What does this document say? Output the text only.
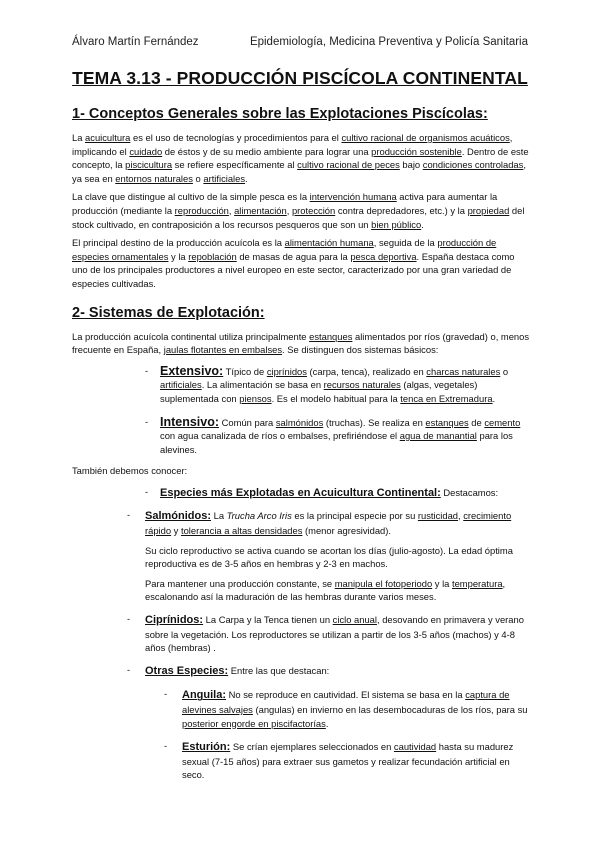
Álvaro Martín Fernández	Epidemiología, Medicina Preventiva y Policía Sanitaria
TEMA 3.13 - PRODUCCIÓN PISCÍCOLA CONTINENTAL
1- Conceptos Generales sobre las Explotaciones Piscícolas:

La acuicultura es el uso de tecnologías y procedimientos para el cultivo racional de organismos acuáticos, implicando el cuidado de éstos y de su medio ambiente para lograr una producción sostenible. Dentro de este concepto, la piscicultura se refiere específicamente al cultivo racional de peces bajo condiciones controladas, ya sea en entornos naturales o artificiales.

La clave que distingue al cultivo de la simple pesca es la intervención humana activa para aumentar la producción (mediante la reproducción, alimentación, protección contra depredadores, etc.) y la propiedad del stock cultivado, en contraposición a los recursos pesqueros que son un bien público.

El principal destino de la producción acuícola es la alimentación humana, seguida de la producción de especies ornamentales y la repoblación de masas de agua para la pesca deportiva. España destaca como uno de los principales productores a nivel europeo en este sector, caracterizado por una gran variedad de especies cultivadas.

2- Sistemas de Explotación:

La producción acuícola continental utiliza principalmente estanques alimentados por ríos (gravedad) o, menos frecuente en España, jaulas flotantes en embalses. Se distinguen dos sistemas básicos:

- Extensivo: Típico de ciprínidos (carpa, tenca), realizado en charcas naturales o artificiales. La alimentación se basa en recursos naturales (algas, vegetales) suplementada con piensos. Es el modelo habitual para la tenca en Extremadura.

- Intensivo: Común para salmónidos (truchas). Se realiza en estanques de cemento con agua canalizada de ríos o embalses, prefiriéndose el agua de manantial para los alevines.

También debemos conocer:

-	Especies más Explotadas en Acuicultura Continental: Destacamos:

- Salmónidos: La Trucha Arco Iris es la principal especie por su rusticidad, crecimiento rápido y tolerancia a altas densidades (menor agresividad).

Su ciclo reproductivo se activa cuando se acortan los días (julio-agosto). La edad óptima reproductiva es de 3-5 años en hembras y 2-3 en machos.

Para mantener una producción constante, se manipula el fotoperiodo y la temperatura, escalonando así la maduración de las hembras durante varios meses.

- Ciprínidos: La Carpa y la Tenca tienen un ciclo anual, desovando en primavera y verano sobre la vegetación. Los reproductores se utilizan a partir de los 3-5 años (machos) y 4-8 años (hembras) .

- Otras Especies: Entre las que destacan:

- Anguila: No se reproduce en cautividad. El sistema se basa en la captura de alevines salvajes (angulas) en invierno en las desembocaduras de los ríos, para su posterior engorde en piscifactorías.

- Esturión: Se crían ejemplares seleccionados en cautividad hasta su madurez sexual (7-15 años) para extraer sus gametos y realizar fecundación artificial en seco.
